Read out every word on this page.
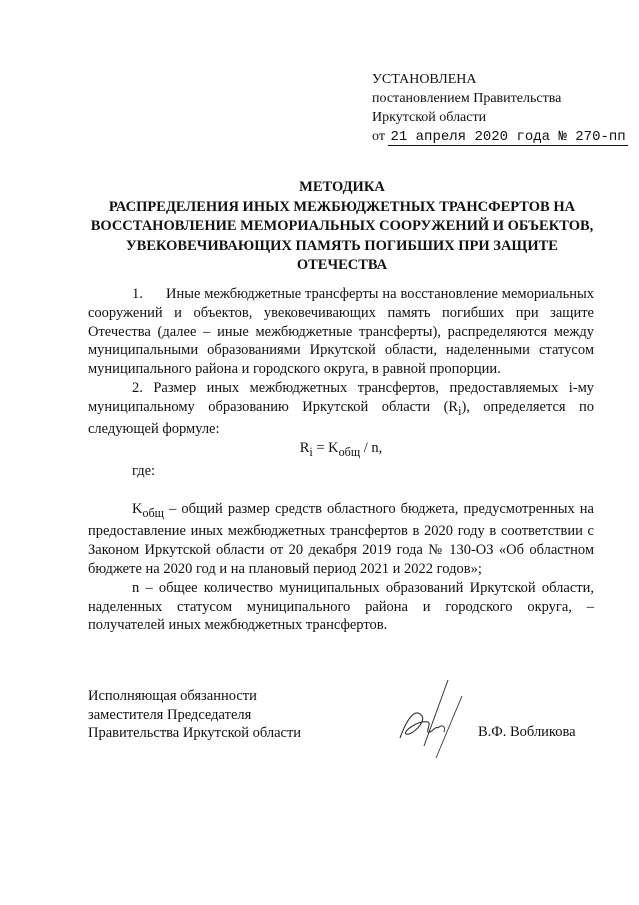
УСТАНОВЛЕНА
постановлением Правительства
Иркутской области
от 21 апреля 2020 года № 270-пп
МЕТОДИКА
РАСПРЕДЕЛЕНИЯ ИНЫХ МЕЖБЮДЖЕТНЫХ ТРАНСФЕРТОВ НА ВОССТАНОВЛЕНИЕ МЕМОРИАЛЬНЫХ СООРУЖЕНИЙ И ОБЪЕКТОВ, УВЕКОВЕЧИВАЮЩИХ ПАМЯТЬ ПОГИБШИХ ПРИ ЗАЩИТЕ ОТЕЧЕСТВА

1.      Иные межбюджетные трансферты на восстановление мемориальных сооружений и объектов, увековечивающих память погибших при защите Отечества (далее – иные межбюджетные трансферты), распределяются между муниципальными образованиями Иркутской области, наделенными статусом муниципального района и городского округа, в равной пропорции.

2. Размер иных межбюджетных трансфертов, предоставляемых i-му муниципальному образованию Иркутской области $(R_i)$, определяется по следующей формуле:

$R_i = K_{общ} / n$,

где:

$K_{общ}$ – общий размер средств областного бюджета, предусмотренных на предоставление иных межбюджетных трансфертов в 2020 году в соответствии с Законом Иркутской области от 20 декабря 2019 года № 130-ОЗ «Об областном бюджете на 2020 год и на плановый период 2021 и 2022 годов»;

n – общее количество муниципальных образований Иркутской области, наделенных статусом муниципального района и городского округа, – получателей иных межбюджетных трансфертов.

Исполняющая обязанности
заместителя Председателя
Правительства Иркутской области	В.Ф. Вобликова
